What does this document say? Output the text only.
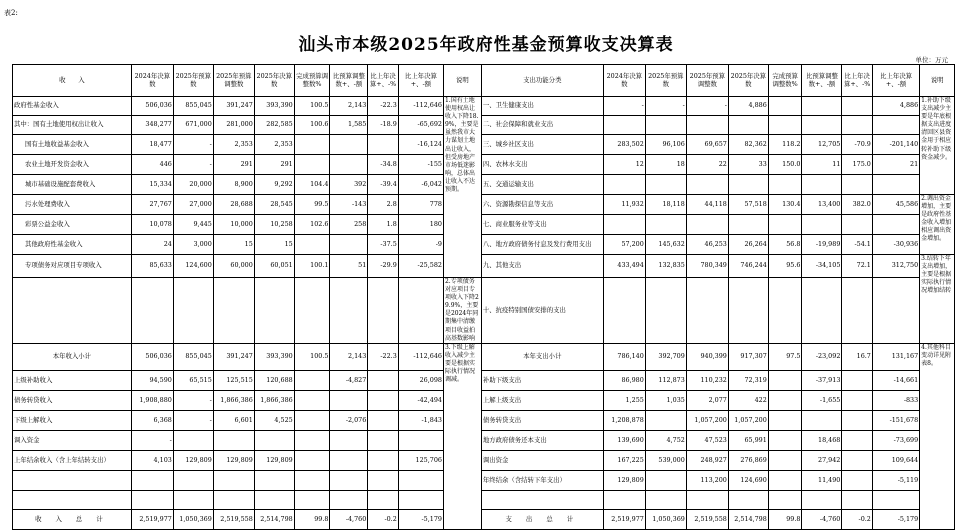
表2:
汕头市本级2025年政府性基金预算收支决算表
单位：万元
收　　入	2024年决算数	2025年预算数	2025年预算调整数	2025年决算数	完成预算调整数%	比预算调整数+、-额	比上年决算+、-%	比上年决算+、-额	说明	支出功能分类	2024年决算数	2025年预算数	2025年预算调整数	2025年决算数	完成预算调整数%	比预算调整数+、-额	比上年决算+、-%	比上年决算+、-额	说明
政府性基金收入	506,036	855,045	391,247	393,390	100.5	2,143	-22.3	-112,646	1.国有土地使用权出让收入下降18.9%，主要是虽然我市大力谋划土地出让收入，但受房地产市场低迷影响，总体出让收入不达预期。	一、卫生健康支出	-	-	-	4,886				4,886	1.补助下级支出减少主要是年底根据支出进度清回区县资金用于相应转补助下级资金减少。
其中：国有土地使用权出让收入	348,277	671,000	281,000	282,585	100.6	1,585	-18.9	-65,692		二、社会保障和就业支出									
国有土地收益基金收入	18,477	-	2,353	2,353				-16,124		三、城乡社区支出	283,502	96,106	69,657	82,362	118.2	12,705	-70.9	-201,140	
农业土地开发资金收入	446	-	291	291			-34.8	-155		四、农林水支出	12	18	22	33	150.0	11	175.0	21	
城市基础设施配套费收入	15,334	20,000	8,900	9,292	104.4	392	-39.4	-6,042		五、交通运输支出									
污水处理费收入	27,767	27,000	28,688	28,545	99.5	-143	2.8	778		六、资源勘探信息等支出	11,932	18,118	44,118	57,518	130.4	13,400	382.0	45,586	2.调出资金增加，主要是政府性基金收入增加相应调出资金增加。
彩票公益金收入	10,078	9,445	10,000	10,258	102.6	258	1.8	180		七、商业服务业等支出									
其他政府性基金收入	24	3,000	15	15			-37.5	-9		八、地方政府债务付息及发行费用支出	57,200	145,632	46,253	26,264	56.8	-19,989	-54.1	-30,936	
专项债务对应项目专项收入	85,633	124,600	60,000	60,051	100.1	51	-29.9	-25,582		九、其他支出	433,494	132,835	780,349	746,244	95.6	-34,105	72.1	312,750	3.结转下年支出增加，主要是根据实际执行情况增加结转
									2.专项债务对应项目专项收入下降29.9%，主要是2024年同期集中清缴项目收益拍高基数影响	十、抗疫特别国债安排的支出									
本年收入小计	506,036	855,045	391,247	393,390	100.5	2,143	-22.3	-112,646	3.下级上解收入减少主要是根据实际执行情况调减。	本年支出小计	786,140	392,709	940,399	917,307	97.5	-23,092	16.7	131,167	4.其他科目变动详见附表8。
上级补助收入	94,590	65,515	125,515	120,688		-4,827		26,098		补助下级支出	86,980	112,873	110,232	72,319		-37,913		-14,661	
债务转贷收入	1,908,880	-	1,866,386	1,866,386				-42,494		上解上级支出	1,255	1,035	2,077	422		-1,655		-833	
下级上解收入	6,368	-	6,601	4,525		-2,076		-1,843		债务转贷支出	1,208,878		1,057,200	1,057,200				-151,678	
调入资金	-									地方政府债务还本支出	139,690	4,752	47,523	65,991		18,468		-73,699	
上年结余收入（含上年结转支出）	4,103	129,809	129,809	129,809				125,706		调出资金	167,225	539,000	248,927	276,869		27,942		109,644	
										年终结余（含结转下年支出）	129,809		113,200	124,690		11,490		-5,119	

收 入 总 计	2,519,977	1,050,369	2,519,558	2,514,798	99.8	-4,760	-0.2	-5,179		支 出 总 计	2,519,977	1,050,369	2,519,558	2,514,798	99.8	-4,760	-0.2	-5,179	
